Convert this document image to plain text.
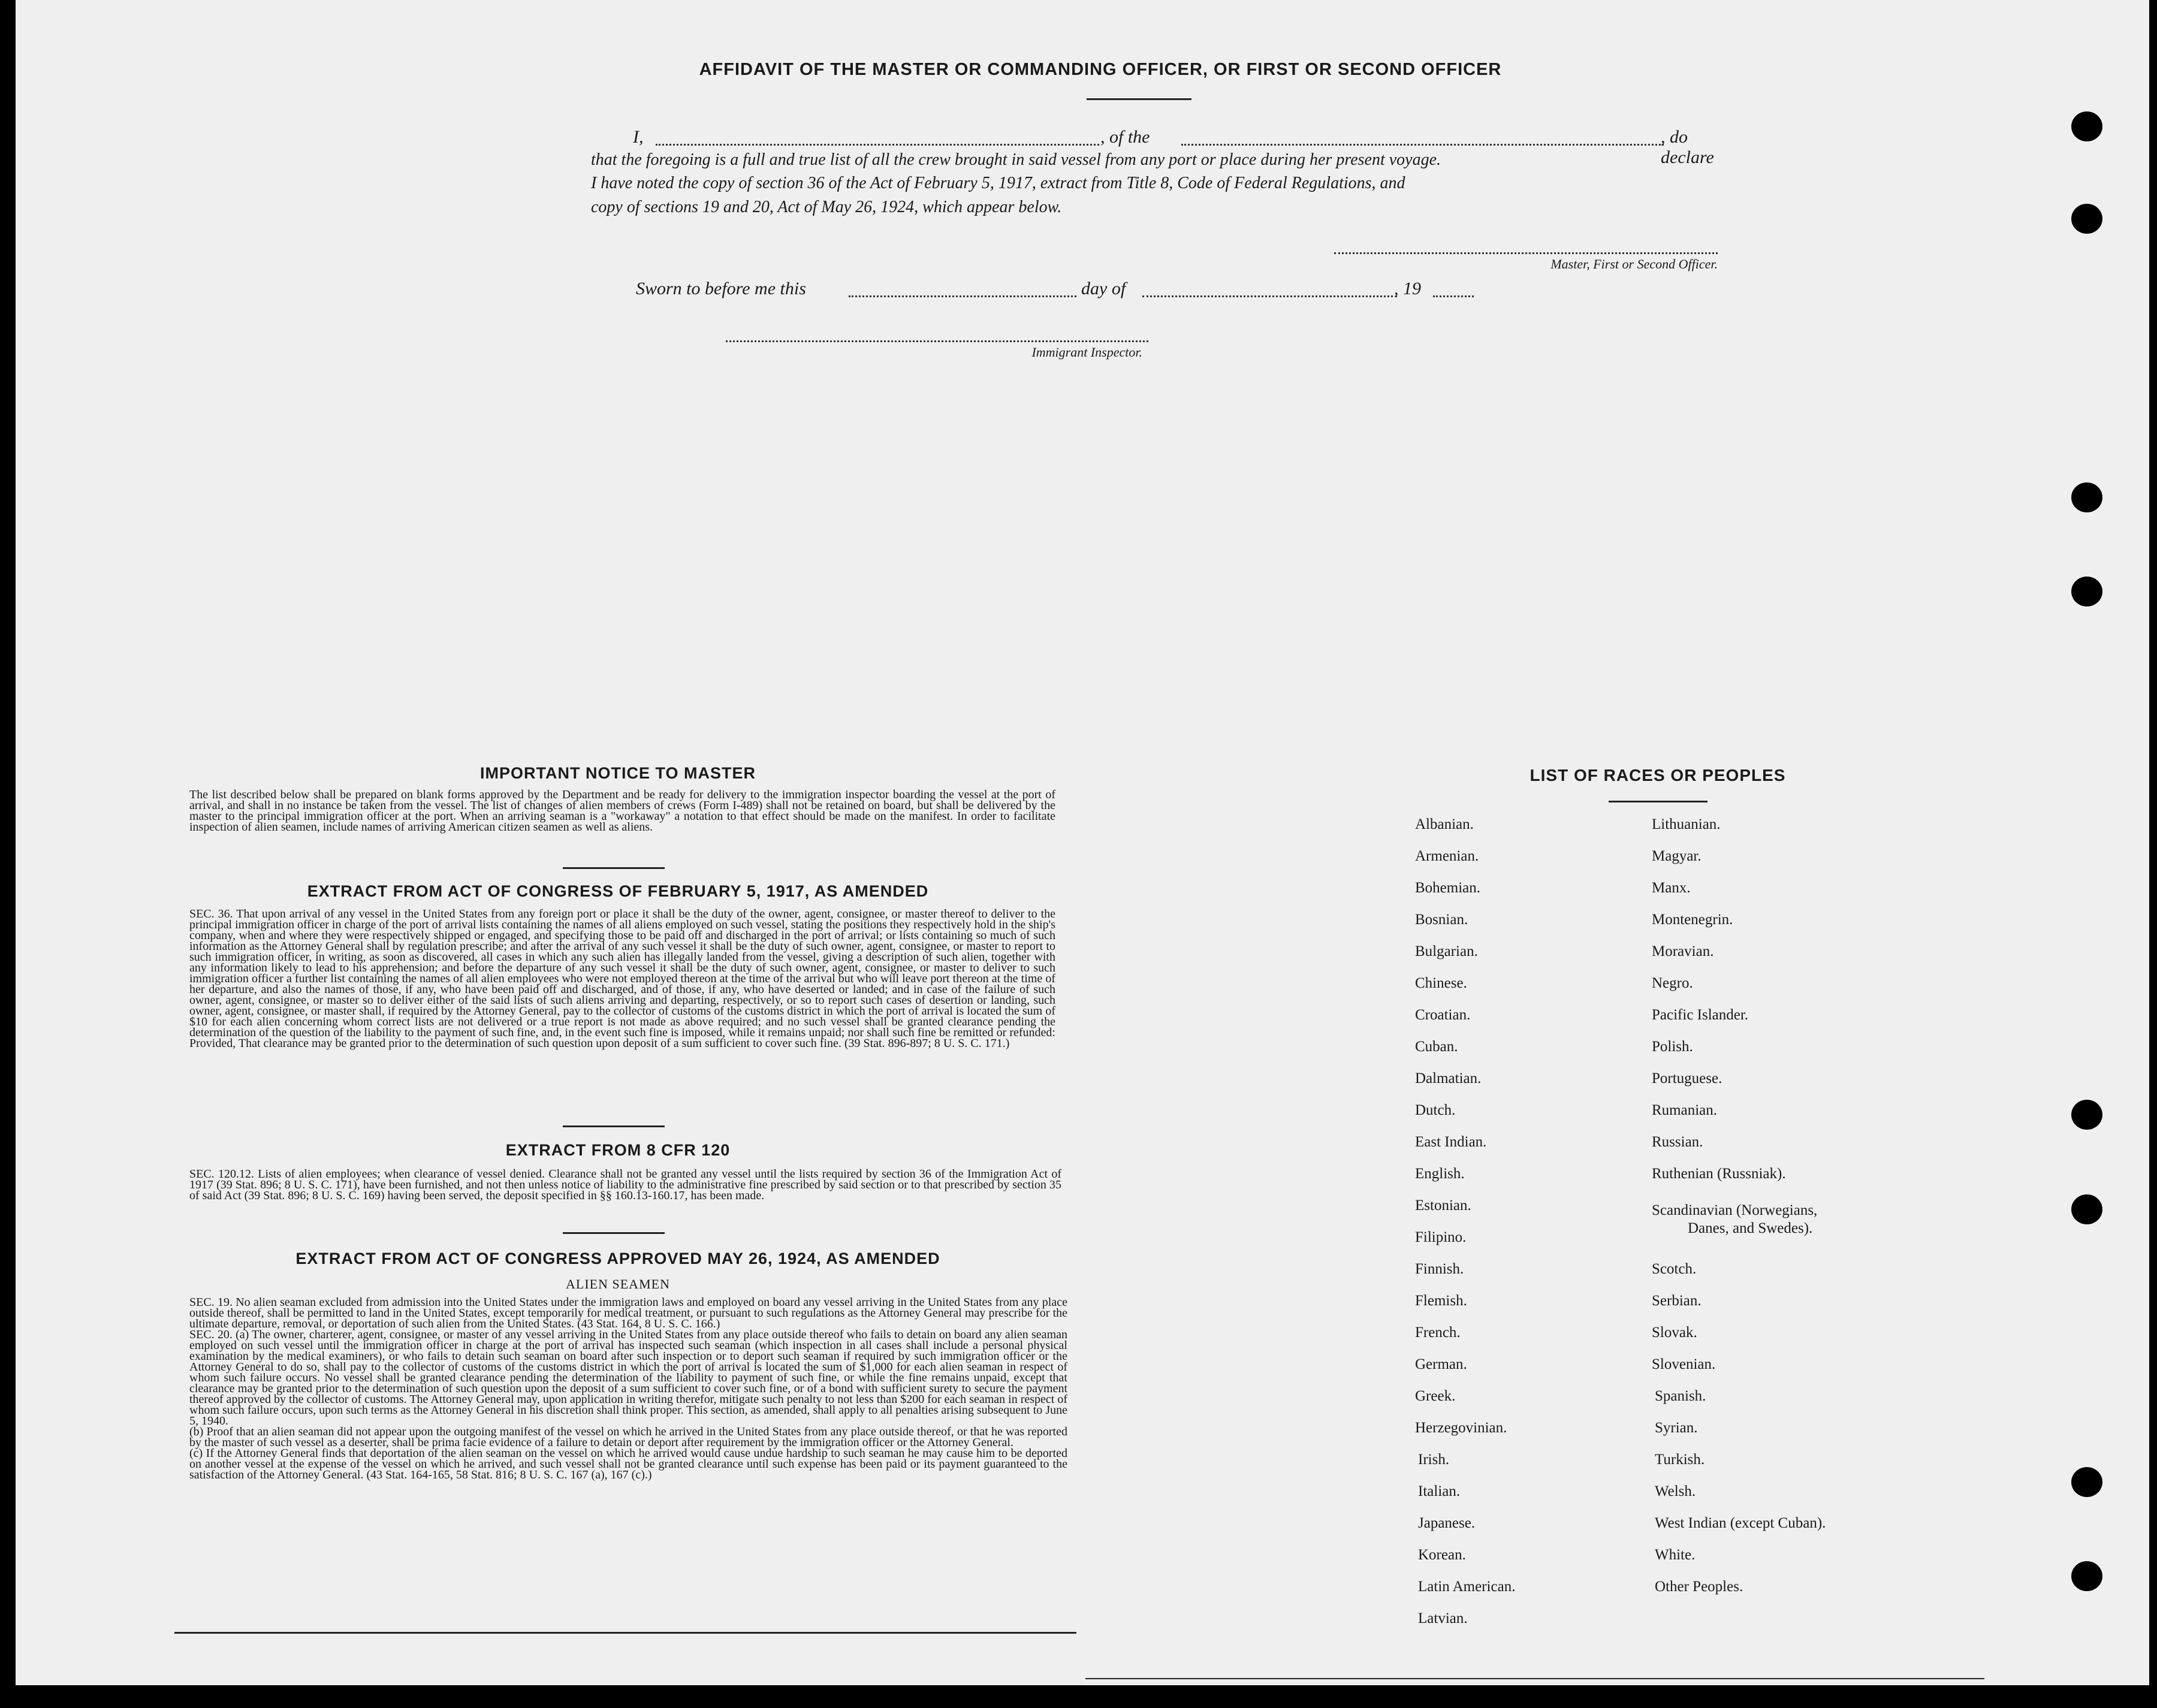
AFFIDAVIT OF THE MASTER OR COMMANDING OFFICER, OR FIRST OR SECOND OFFICER
I,	, of the	, do declare
that the foregoing is a full and true list of all the crew brought in said vessel from any port or place during her present voyage.
I have noted the copy of section 36 of the Act of February 5, 1917, extract from Title 8, Code of Federal Regulations, and
copy of sections 19 and 20, Act of May 26, 1924, which appear below.
Master, First or Second Officer.
Sworn to before me this	day of	, 19
Immigrant Inspector.
IMPORTANT NOTICE TO MASTER
The list described below shall be prepared on blank forms approved by the Department and be ready for delivery to the immigration inspector boarding the vessel at the port of arrival, and shall in no instance be taken from the vessel. The list of changes of alien members of crews (Form I-489) shall not be retained on board, but shall be delivered by the master to the principal immigration officer at the port. When an arriving seaman is a "workaway" a notation to that effect should be made on the manifest. In order to facilitate inspection of alien seamen, include names of arriving American citizen seamen as well as aliens.
EXTRACT FROM ACT OF CONGRESS OF FEBRUARY 5, 1917, AS AMENDED
SEC. 36. That upon arrival of any vessel in the United States from any foreign port or place it shall be the duty of the owner, agent, consignee, or master thereof to deliver to the principal immigration officer in charge of the port of arrival lists containing the names of all aliens employed on such vessel, stating the positions they respectively hold in the ship's company, when and where they were respectively shipped or engaged, and specifying those to be paid off and discharged in the port of arrival; or lists containing so much of such information as the Attorney General shall by regulation prescribe; and after the arrival of any such vessel it shall be the duty of such owner, agent, consignee, or master to report to such immigration officer, in writing, as soon as discovered, all cases in which any such alien has illegally landed from the vessel, giving a description of such alien, together with any information likely to lead to his apprehension; and before the departure of any such vessel it shall be the duty of such owner, agent, consignee, or master to deliver to such immigration officer a further list containing the names of all alien employees who were not employed thereon at the time of the arrival but who will leave port thereon at the time of her departure, and also the names of those, if any, who have been paid off and discharged, and of those, if any, who have deserted or landed; and in case of the failure of such owner, agent, consignee, or master so to deliver either of the said lists of such aliens arriving and departing, respectively, or so to report such cases of desertion or landing, such owner, agent, consignee, or master shall, if required by the Attorney General, pay to the collector of customs of the customs district in which the port of arrival is located the sum of $10 for each alien concerning whom correct lists are not delivered or a true report is not made as above required; and no such vessel shall be granted clearance pending the determination of the question of the liability to the payment of such fine, and, in the event such fine is imposed, while it remains unpaid; nor shall such fine be remitted or refunded: Provided, That clearance may be granted prior to the determination of such question upon deposit of a sum sufficient to cover such fine. (39 Stat. 896-897; 8 U. S. C. 171.)
EXTRACT FROM 8 CFR 120
SEC. 120.12. Lists of alien employees; when clearance of vessel denied. Clearance shall not be granted any vessel until the lists required by section 36 of the Immigration Act of 1917 (39 Stat. 896; 8 U. S. C. 171), have been furnished, and not then unless notice of liability to the administrative fine prescribed by said section or to that prescribed by section 35 of said Act (39 Stat. 896; 8 U. S. C. 169) having been served, the deposit specified in §§ 160.13-160.17, has been made.
EXTRACT FROM ACT OF CONGRESS APPROVED MAY 26, 1924, AS AMENDED
ALIEN SEAMEN
SEC. 19. No alien seaman excluded from admission into the United States under the immigration laws and employed on board any vessel arriving in the United States from any place outside thereof, shall be permitted to land in the United States, except temporarily for medical treatment, or pursuant to such regulations as the Attorney General may prescribe for the ultimate departure, removal, or deportation of such alien from the United States. (43 Stat. 164, 8 U. S. C. 166.)
SEC. 20. (a) The owner, charterer, agent, consignee, or master of any vessel arriving in the United States from any place outside thereof who fails to detain on board any alien seaman employed on such vessel until the immigration officer in charge at the port of arrival has inspected such seaman (which inspection in all cases shall include a personal physical examination by the medical examiners), or who fails to detain such seaman on board after such inspection or to deport such seaman if required by such immigration officer or the Attorney General to do so, shall pay to the collector of customs of the customs district in which the port of arrival is located the sum of $1,000 for each alien seaman in respect of whom such failure occurs. No vessel shall be granted clearance pending the determination of the liability to payment of such fine, or while the fine remains unpaid, except that clearance may be granted prior to the determination of such question upon the deposit of a sum sufficient to cover such fine, or of a bond with sufficient surety to secure the payment thereof approved by the collector of customs. The Attorney General may, upon application in writing therefor, mitigate such penalty to not less than $200 for each seaman in respect of whom such failure occurs, upon such terms as the Attorney General in his discretion shall think proper. This section, as amended, shall apply to all penalties arising subsequent to June 5, 1940.
(b) Proof that an alien seaman did not appear upon the outgoing manifest of the vessel on which he arrived in the United States from any place outside thereof, or that he was reported by the master of such vessel as a deserter, shall be prima facie evidence of a failure to detain or deport after requirement by the immigration officer or the Attorney General.
(c) If the Attorney General finds that deportation of the alien seaman on the vessel on which he arrived would cause undue hardship to such seaman he may cause him to be deported on another vessel at the expense of the vessel on which he arrived, and such vessel shall not be granted clearance until such expense has been paid or its payment guaranteed to the satisfaction of the Attorney General. (43 Stat. 164-165, 58 Stat. 816; 8 U. S. C. 167 (a), 167 (c).)
LIST OF RACES OR PEOPLES
Albanian.
Armenian.
Bohemian.
Bosnian.
Bulgarian.
Chinese.
Croatian.
Cuban.
Dalmatian.
Dutch.
East Indian.
English.
Estonian.
Filipino.
Finnish.
Flemish.
French.
German.
Greek.
Herzegovinian.
Irish.
Italian.
Japanese.
Korean.
Latin American.
Latvian.
Lithuanian.
Magyar.
Manx.
Montenegrin.
Moravian.
Negro.
Pacific Islander.
Polish.
Portuguese.
Rumanian.
Russian.
Ruthenian (Russniak).
Scandinavian (Norwegians,
Danes, and Swedes).
Scotch.
Serbian.
Slovak.
Slovenian.
Spanish.
Syrian.
Turkish.
Welsh.
West Indian (except Cuban).
White.
Other Peoples.
